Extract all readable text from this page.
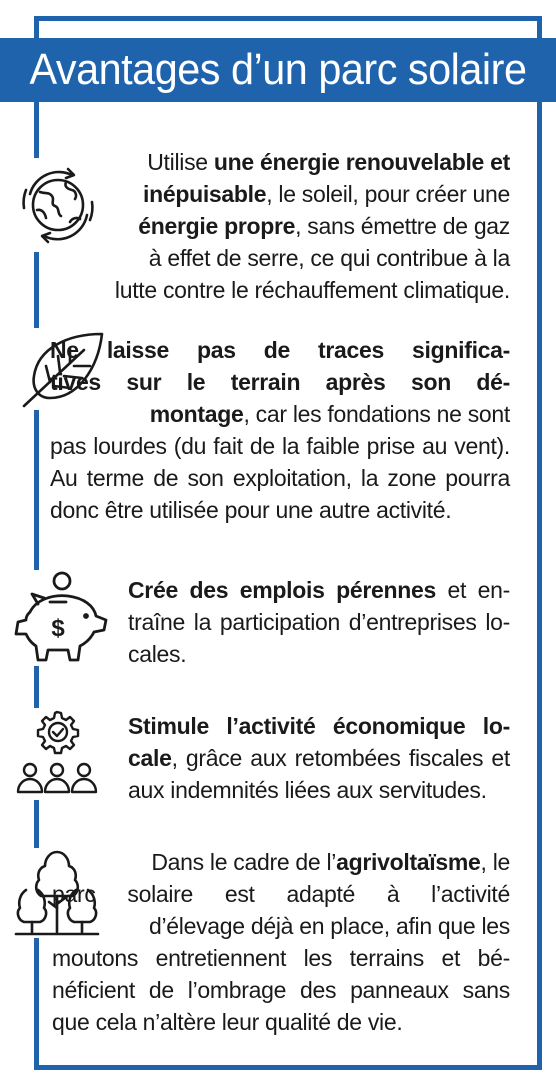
Avantages d’un parc solaire
$
Utilise une énergie renouvelable et
inépuisable, le soleil, pour créer une
énergie propre, sans émettre de gaz
à effet de serre, ce qui contribue à la
lutte contre le réchauffement climatique.
Ne laisse pas de traces significa-
tives sur le terrain après son dé-
montage, car les fondations ne sont
pas lourdes (du fait de la faible prise au vent).
Au terme de son exploitation, la zone pourra
donc être utilisée pour une autre activité.
Crée des emplois pérennes et en-
traîne la participation d’entreprises lo-
cales.
Stimule l’activité économique lo-
cale, grâce aux retombées fiscales et
aux indemnités liées aux servitudes.
Dans le cadre de l’agrivoltaïsme, le
parc solaire est adapté à l’activité
d’élevage déjà en place, afin que les
moutons entretiennent les terrains et bé-
néficient de l’ombrage des panneaux sans
que cela n’altère leur qualité de vie.
